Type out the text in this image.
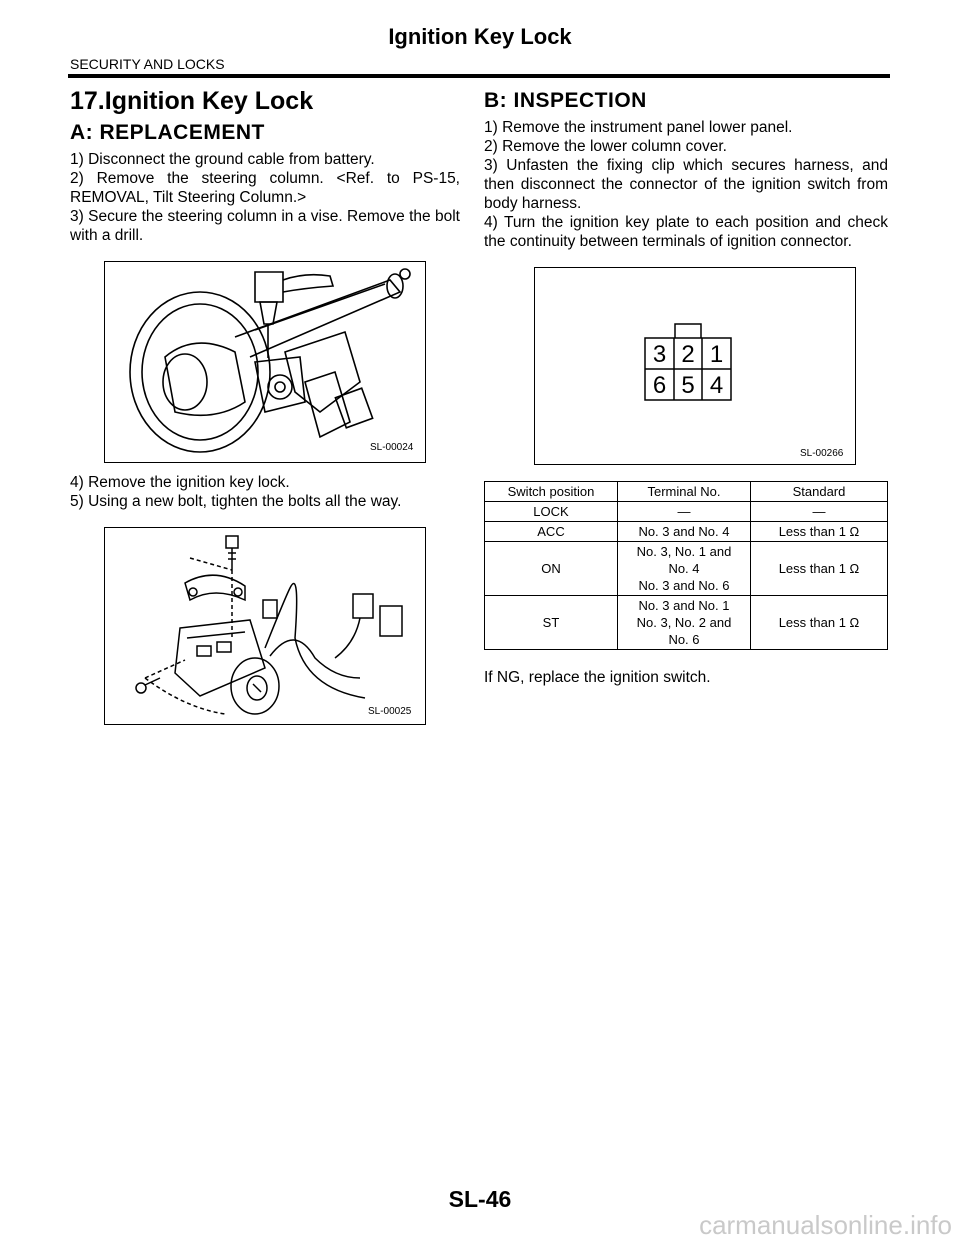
Ignition Key Lock
SECURITY AND LOCKS
17.Ignition Key Lock
A: REPLACEMENT

1) Disconnect the ground cable from battery.

2) Remove the steering column. <Ref. to PS-15, REMOVAL, Tilt Steering Column.>

3) Secure the steering column in a vise. Remove the bolt with a drill.

SL-00024

4) Remove the ignition key lock.

5) Using a new bolt, tighten the bolts all the way.

SL-00025
B: INSPECTION

1) Remove the instrument panel lower panel.

2) Remove the lower column cover.

3) Unfasten the fixing clip which secures harness, and then disconnect the connector of the ignition switch from body harness.

4) Turn the ignition key plate to each position and check the continuity between terminals of ignition connector.

3 2 1
6 5 4
SL-00266
Switch position	Terminal No.	Standard
LOCK	—	—
ACC	No. 3 and No. 4	Less than 1 Ω
ON	No. 3, No. 1 and
No. 4
No. 3 and No. 6	Less than 1 Ω
ST	No. 3 and No. 1
No. 3, No. 2 and
No. 6	Less than 1 Ω

If NG, replace the ignition switch.

SL-46
carmanualsonline.info
